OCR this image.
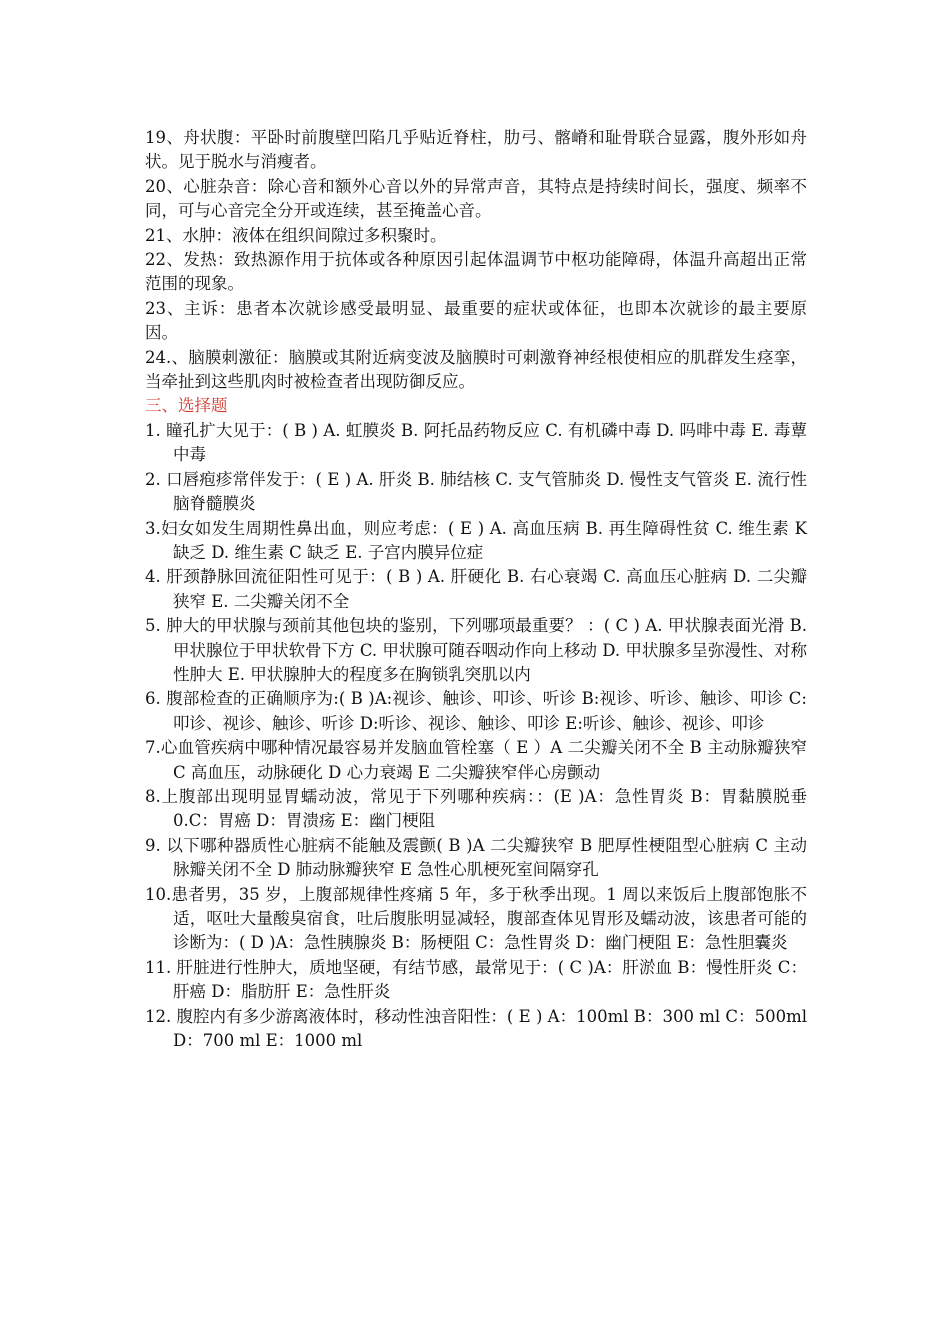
19、舟状腹：平卧时前腹壁凹陷几乎贴近脊柱，肋弓、髂嵴和耻骨联合显露，腹外形如舟状。见于脱水与消瘦者。

20、心脏杂音：除心音和额外心音以外的异常声音，其特点是持续时间长，强度、频率不同，可与心音完全分开或连续，甚至掩盖心音。

21、水肿：液体在组织间隙过多积聚时。

22、发热：致热源作用于抗体或各种原因引起体温调节中枢功能障碍，体温升高超出正常范围的现象。

23、主诉：患者本次就诊感受最明显、最重要的症状或体征，也即本次就诊的最主要原因。

24.、脑膜刺激征：脑膜或其附近病变波及脑膜时可刺激脊神经根使相应的肌群发生痉挛，当牵扯到这些肌肉时被检查者出现防御反应。

三、选择题

1. 瞳孔扩大见于：( B ) A. 虹膜炎 B. 阿托品药物反应 C. 有机磷中毒 D. 吗啡中毒 E. 毒蕈中毒

2. 口唇疱疹常伴发于：( E ) A. 肝炎 B. 肺结核 C. 支气管肺炎 D. 慢性支气管炎 E. 流行性脑脊髓膜炎

3.妇女如发生周期性鼻出血，则应考虑：( E ) A. 高血压病 B. 再生障碍性贫 C. 维生素 K 缺乏 D. 维生素 C 缺乏 E. 子宫内膜异位症

4. 肝颈静脉回流征阳性可见于：( B ) A. 肝硬化 B. 右心衰竭 C. 高血压心脏病 D. 二尖瓣狭窄 E. 二尖瓣关闭不全

5. 肿大的甲状腺与颈前其他包块的鉴别，下列哪项最重要？ ：( C ) A. 甲状腺表面光滑 B. 甲状腺位于甲状软骨下方 C. 甲状腺可随吞咽动作向上移动 D. 甲状腺多呈弥漫性、对称性肿大 E. 甲状腺肿大的程度多在胸锁乳突肌以内

6. 腹部检查的正确顺序为:( B )A:视诊、触诊、叩诊、听诊 B:视诊、听诊、触诊、叩诊 C:叩诊、视诊、触诊、听诊 D:听诊、视诊、触诊、叩诊 E:听诊、触诊、视诊、叩诊

7.心血管疾病中哪种情况最容易并发脑血管栓塞（ E ）A 二尖瓣关闭不全 B 主动脉瓣狭窄 C 高血压，动脉硬化 D 心力衰竭 E 二尖瓣狭窄伴心房颤动

8.上腹部出现明显胃蠕动波，常见于下列哪种疾病：：(E )A：急性胃炎 B：胃黏膜脱垂 0.C：胃癌 D：胃溃疡 E：幽门梗阻

9. 以下哪种器质性心脏病不能触及震颤( B )A 二尖瓣狭窄 B 肥厚性梗阻型心脏病 C 主动脉瓣关闭不全 D 肺动脉瓣狭窄 E 急性心肌梗死室间隔穿孔

10.患者男，35 岁，上腹部规律性疼痛 5 年，多于秋季出现。1 周以来饭后上腹部饱胀不适，呕吐大量酸臭宿食，吐后腹胀明显减轻，腹部查体见胃形及蠕动波，该患者可能的诊断为：( D )A：急性胰腺炎 B：肠梗阻 C：急性胃炎 D：幽门梗阻 E：急性胆囊炎

11. 肝脏进行性肿大，质地坚硬，有结节感，最常见于：( C )A：肝淤血 B：慢性肝炎 C：肝癌 D：脂肪肝 E：急性肝炎

12. 腹腔内有多少游离液体时，移动性浊音阳性：( E ) A：100ml B：300 ml C：500ml D：700 ml E：1000 ml
